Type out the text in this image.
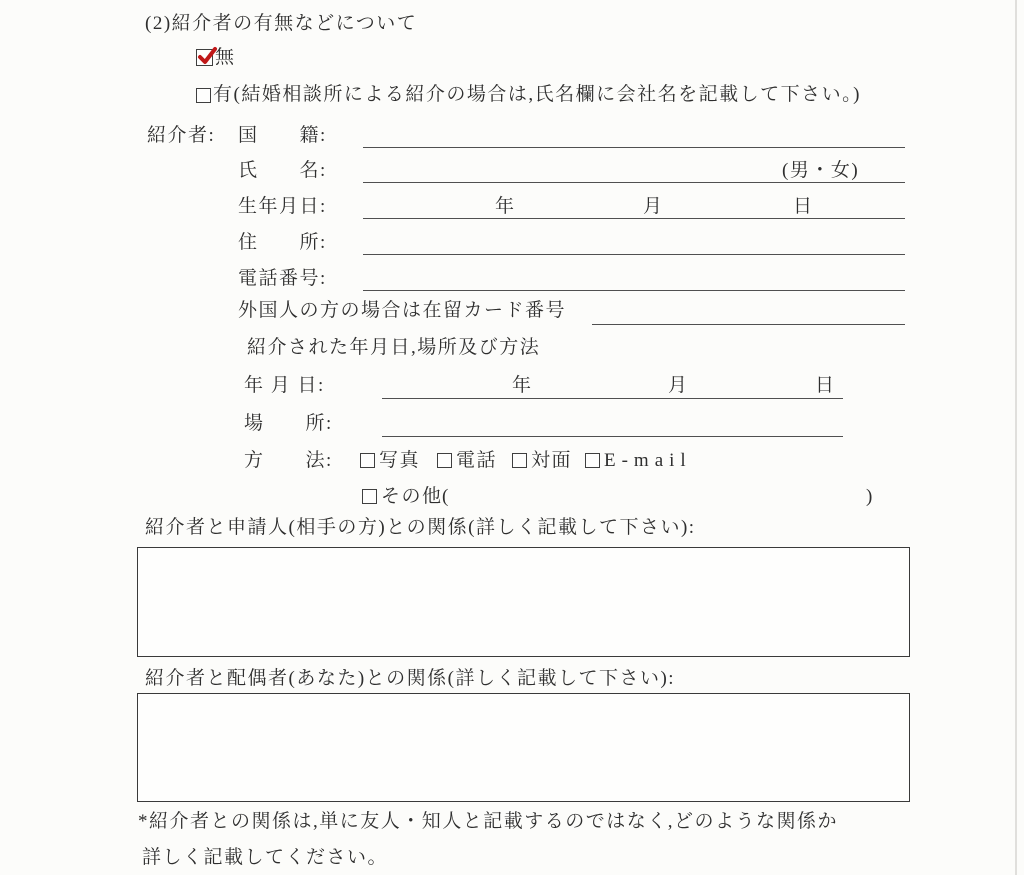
(2)紹介者の有無などについて
無
有(結婚相談所による紹介の場合は,氏名欄に会社名を記載して下さい。)
紹介者: 国　　籍:
氏　　名:	(男・女)
生年月日:	年	月	日
住　　所:
電話番号:
外国人の方の場合は在留カード番号
紹介された年月日,場所及び方法
年 月 日:	年	月	日
場　　所:
方　　法: 写真 電話 対面 E-mail
その他 (	)
紹介者と申請人(相手の方)との関係(詳しく記載して下さい):
紹介者と配偶者(あなた)との関係(詳しく記載して下さい):
*紹介者との関係は,単に友人・知人と記載するのではなく,どのような関係か
詳しく記載してください。
